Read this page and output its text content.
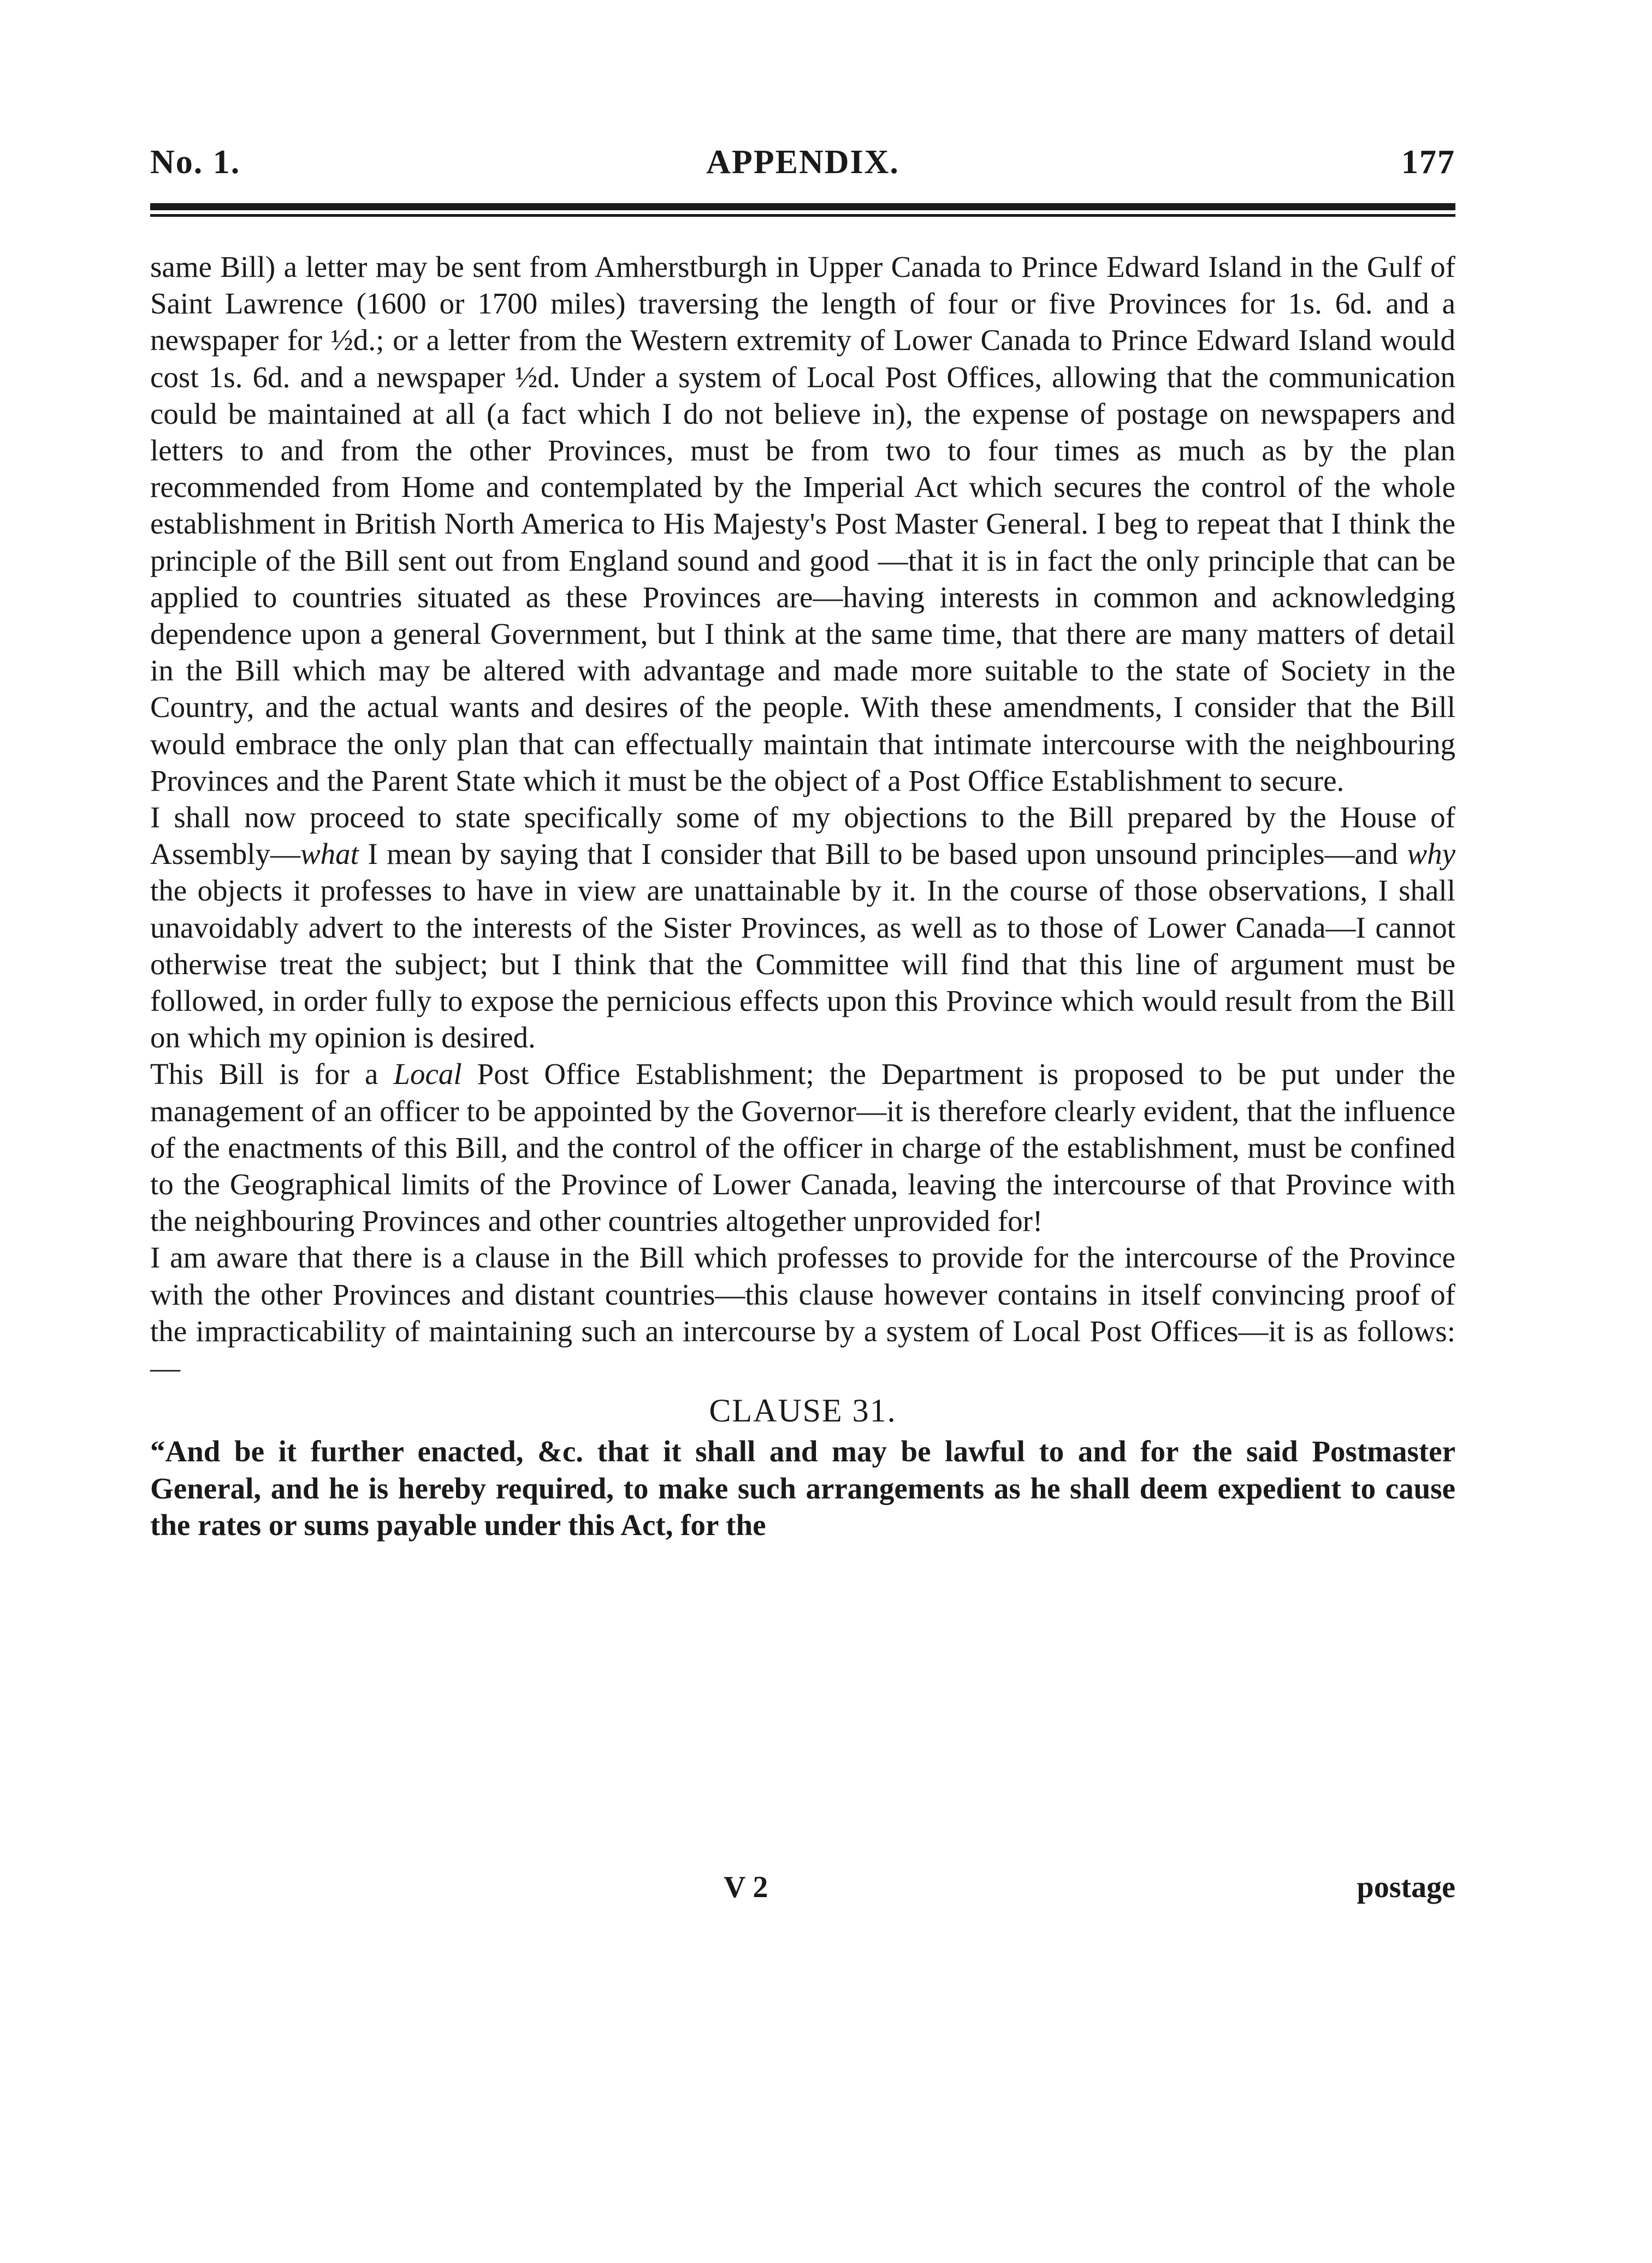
No. 1.	APPENDIX.	177

same Bill) a letter may be sent from Amherstburgh in Upper Canada to Prince Edward Island in the Gulf of Saint Lawrence (1600 or 1700 miles) traversing the length of four or five Provinces for 1s. 6d. and a newspaper for ½d.; or a letter from the Western extremity of Lower Canada to Prince Edward Island would cost 1s. 6d. and a newspaper ½d. Under a system of Local Post Offices, allowing that the communication could be maintained at all (a fact which I do not believe in), the expense of postage on newspapers and letters to and from the other Provinces, must be from two to four times as much as by the plan recommended from Home and contemplated by the Imperial Act which secures the control of the whole establishment in British North America to His Majesty's Post Master General. I beg to repeat that I think the principle of the Bill sent out from England sound and good —that it is in fact the only principle that can be applied to countries situated as these Provinces are—having interests in common and acknowledging dependence upon a general Government, but I think at the same time, that there are many matters of detail in the Bill which may be altered with advantage and made more suitable to the state of Society in the Country, and the actual wants and desires of the people. With these amendments, I consider that the Bill would embrace the only plan that can effectually maintain that intimate intercourse with the neighbouring Provinces and the Parent State which it must be the object of a Post Office Establishment to secure.

I shall now proceed to state specifically some of my objections to the Bill prepared by the House of Assembly—what I mean by saying that I consider that Bill to be based upon unsound principles—and why the objects it professes to have in view are unattainable by it. In the course of those observations, I shall unavoidably advert to the interests of the Sister Provinces, as well as to those of Lower Canada—I cannot otherwise treat the subject; but I think that the Committee will find that this line of argument must be followed, in order fully to expose the pernicious effects upon this Province which would result from the Bill on which my opinion is desired.

This Bill is for a Local Post Office Establishment; the Department is proposed to be put under the management of an officer to be appointed by the Governor—it is therefore clearly evident, that the influence of the enactments of this Bill, and the control of the officer in charge of the establishment, must be confined to the Geographical limits of the Province of Lower Canada, leaving the intercourse of that Province with the neighbouring Provinces and other countries altogether unprovided for!

I am aware that there is a clause in the Bill which professes to provide for the intercourse of the Province with the other Provinces and distant countries—this clause however contains in itself convincing proof of the impracticability of maintaining such an intercourse by a system of Local Post Offices—it is as follows:—

CLAUSE 31.

“And be it further enacted, &c. that it shall and may be lawful to and for the said Postmaster General, and he is hereby required, to make such arrangements as he shall deem expedient to cause the rates or sums payable under this Act, for the

V 2	postage
